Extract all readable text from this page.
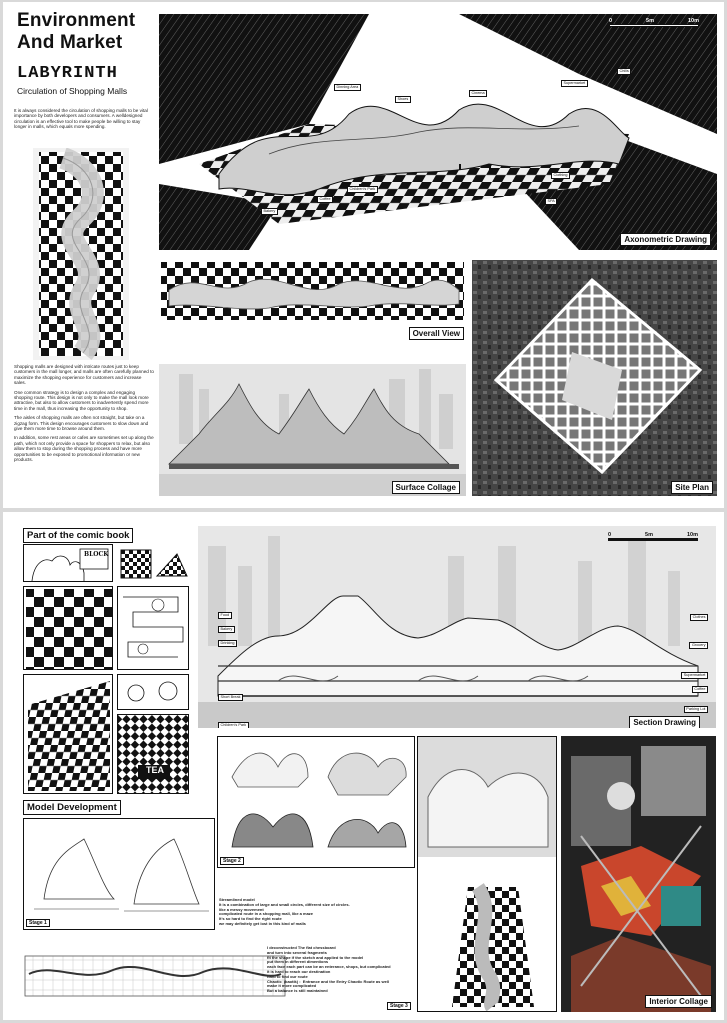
Environment
And Market
LABYRINTH
Circulation of Shopping Malls
It is always considered the circulation of shopping malls to be vital importance by both developers and consumers. A welldesigned circulation is an effective tool to make people be willing to stay longer in malls, which equals more spending.

Shopping malls are designed with intricate routes just to keep customers in the mall longer, and malls are often carefully planned to maximize the shopping experience for customers and increase sales.

One common strategy is to design a complex and engaging shopping route. This design is not only to make the mall look more attractive, but also to allow customers to inadvertently spend more time in the mall, thus increasing the opportunity to shop.

The aisles of shopping malls are often not straight, but take on a zigzag form. This design encourages customers to slow down and give them more time to browse around them.

In addition, some rest areas or cafes are sometimes set up along the path, which not only provide a space for shoppers to relax, but also allow them to stop during the shopping process and have more opportunities to be exposed to promotional information or new products.

0	5m	10m
Dinning Area
Shoes
Cinema
Supermarket
Chilis
Bakery
Coffee
Children's Park
Clothing
SPA
Axonometric Drawing
Overall View
Surface Collage	Site Plan
Part of the comic book
BLOCK
TEA
0	5m	10m
Food
Bakery
Drinking
Short Break
Children's Park
Clothes
Grocery
Supermarket
Coffee
Parking Lot
Section Drawing
Model Development
Stage 1
Stage 2
Streamlined model
It is a combination of large and small circles, different size of circles.
like a messy movement
complicated route in a shopping mall, like a maze
It's so hard to find the right route
we may definitely get lost in this kind of malls
I deconstructed The flat chessboard
and turn into several fragments
fit the shape if the sketch and applied to the model
put them in different dimentions
each face each part can be an enterance, shops, but complicated
it is hard to reach our destination
hard to find our route
Chaotic  (kaotik) :  Entrance and the Entry Chaotic Route as well
make it more complicated
But a balance is still maintained
Stage 3	Interior Collage
